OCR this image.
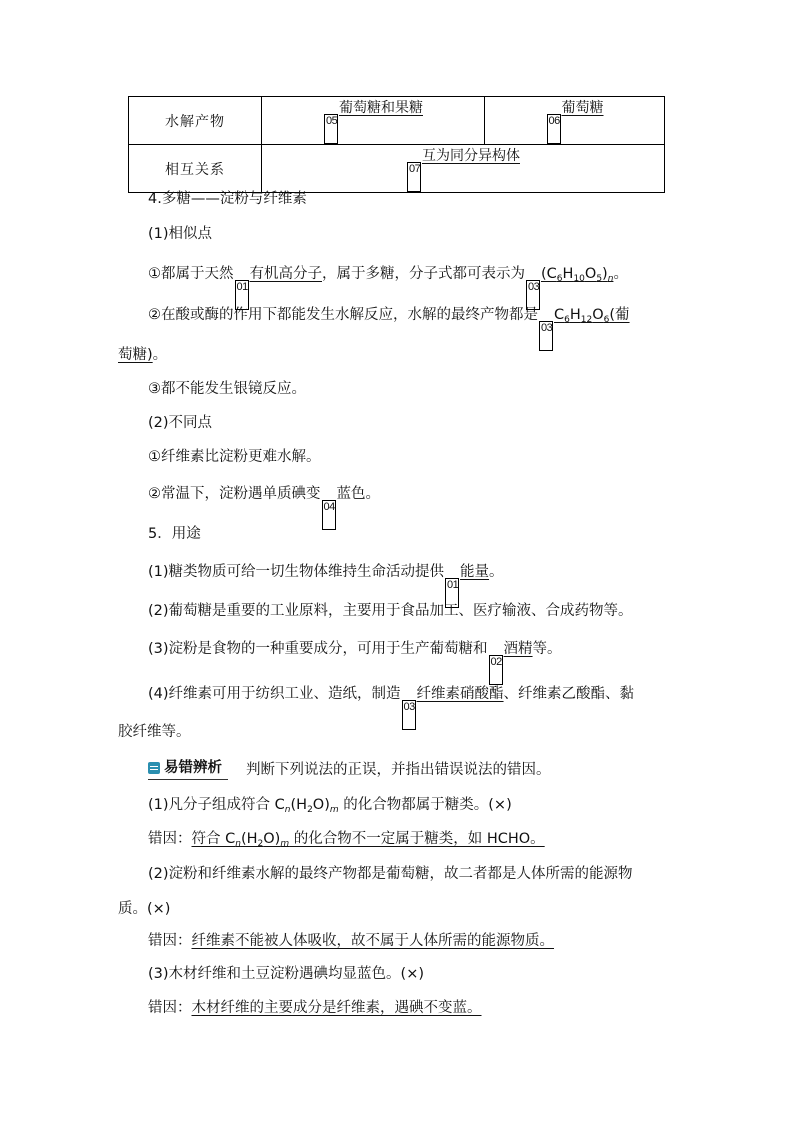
水解产物	05葡萄糖和果糖	06葡萄糖
相互关系	07互为同分异构体	
4.多糖——淀粉与纤维素
(1)相似点
①都属于天然01有机高分子，属于多糖，分子式都可表示为$03(C_6H_{10}O_5)_n$。
②在酸或酶的作用下都能发生水解反应，水解的最终产物都是$03C_6H_{12}O_6$(葡
萄糖)。
③都不能发生银镜反应。
(2)不同点
①纤维素比淀粉更难水解。
②常温下，淀粉遇单质碘变04蓝色。
5．用途
(1)糖类物质可给一切生物体维持生命活动提供01能量。
(2)葡萄糖是重要的工业原料，主要用于食品加工、医疗输液、合成药物等。
(3)淀粉是食物的一种重要成分，可用于生产葡萄糖和02酒精等。
(4)纤维素可用于纺织工业、造纸，制造03纤维素硝酸酯、纤维素乙酸酯、黏
胶纤维等。
易错辨析 判断下列说法的正误，并指出错误说法的错因。
(1)凡分子组成符合 $C_n(H_2O)_m$ 的化合物都属于糖类。(×)
错因：符合 $C_n(H_2O)_m$ 的化合物不一定属于糖类，如 HCHO。
(2)淀粉和纤维素水解的最终产物都是葡萄糖，故二者都是人体所需的能源物
质。(×)
错因：纤维素不能被人体吸收，故不属于人体所需的能源物质。
(3)木材纤维和土豆淀粉遇碘均显蓝色。(×)
错因：木材纤维的主要成分是纤维素，遇碘不变蓝。
